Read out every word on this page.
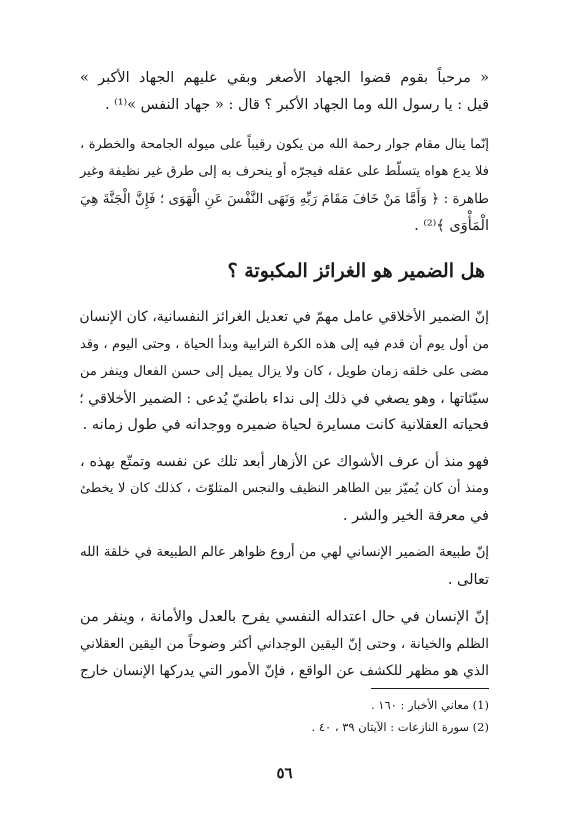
« مرحباً بقوم قضوا الجهاد الأصغر وبقي عليهم الجهاد الأكبر »
قيل : يا رسول الله وما الجهاد الأكبر ؟ قال : « جهاد النفس »⁽¹⁾ .
إنّما ينال مقام جوار رحمة الله من يكون رقيباً على ميوله الجامحة والخطرة ،
فلا يدع هواه يتسلّط على عقله فيجرّه أو ينحرف به إلى طرق غير نظيفة وغير
طاهرة : ﴿ وَأَمَّا مَنْ خَافَ مَقَامَ رَبِّهِ وَنَهَى النَّفْسَ عَنِ الْهَوَى ؛ فَإِنَّ الْجَنَّةَ هِيَ
الْمَأْوَى ﴾⁽²⁾ .
هل الضمير هو الغرائز المكبوتة ؟
إنّ الضمير الأخلاقي عامل مهمّ في تعديل الغرائز النفسانية، كان الإنسان
من أول يوم أن قدم فيه إلى هذه الكرة الترابية وبدأ الحياة ، وحتى اليوم ، وقد
مضى على خلقه زمان طويل ، كان ولا يزال يميل إلى حسن الفعال وينفر من
سيّئاتها ، وهو يصغي في ذلك إلى نداء باطنيّ يُدعى : الضمير الأخلاقي ؛
فحياته العقلانية كانت مسايرة لحياة ضميره ووجدانه في طول زمانه .
فهو منذ أن عرف الأشواك عن الأزهار أبعد تلك عن نفسه وتمتّع بهذه ،
ومنذ أن كان يُميّز بين الطاهر النظيف والنجس المتلوّث ، كذلك كان لا يخطئ
في معرفة الخير والشر .
إنّ طبيعة الضمير الإنساني لهي من أروع ظواهر عالم الطبيعة في خلقة الله
تعالى .
إنّ الإنسان في حال اعتداله النفسي يفرح بالعدل والأمانة ، وينفر من
الظلم والخيانة ، وحتى إنّ اليقين الوجداني أكثر وضوحاً من اليقين العقلاني
الذي هو مظهر للكشف عن الواقع ، فإنّ الأمور التي يدركها الإنسان خارج
(1) معاني الأخبار : ١٦٠ .
(2) سورة النازعات : الآيتان ٣٩ ، ٤٠ .
٥٦
